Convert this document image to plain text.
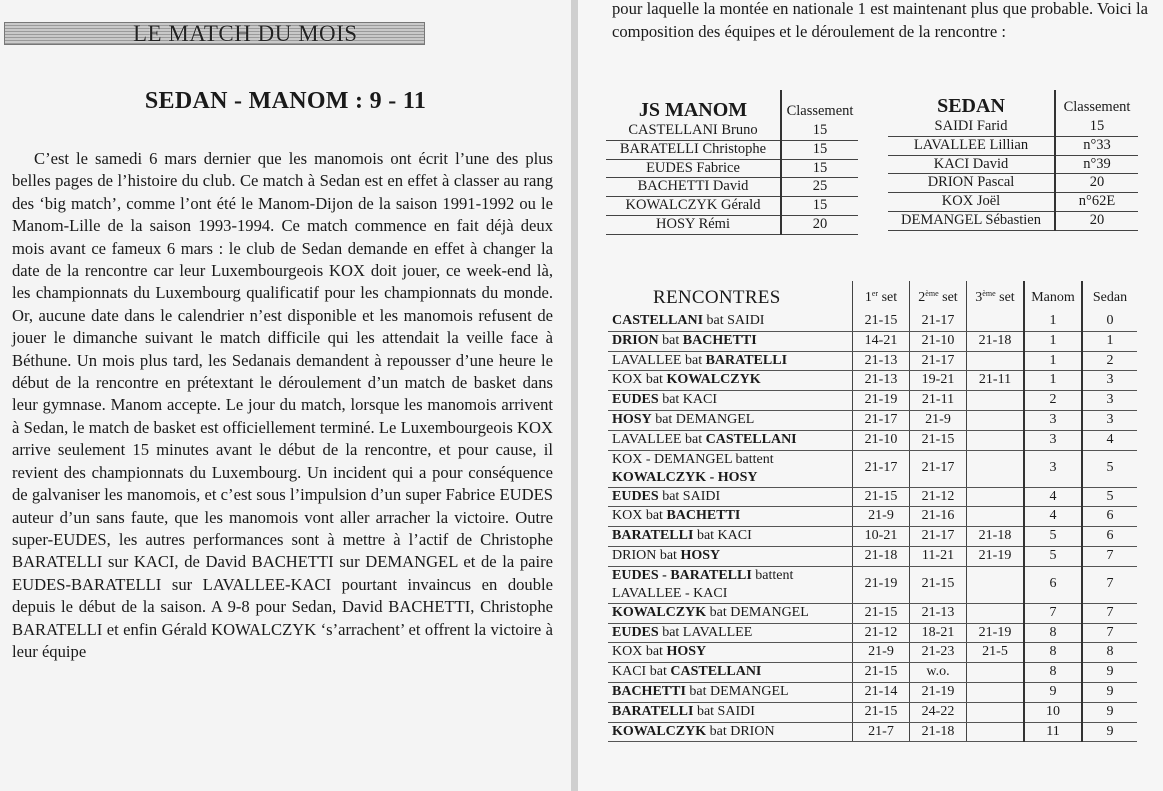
LE MATCH DU MOIS
SEDAN - MANOM : 9 - 11

C’est le samedi 6 mars dernier que les manomois ont écrit l’une des plus belles pages de l’histoire du club. Ce match à Sedan est en effet à classer au rang des ‘big match’, comme l’ont été le Manom-Dijon de la saison 1991-1992 ou le Manom-Lille de la saison 1993-1994. Ce match commence en fait déjà deux mois avant ce fameux 6 mars : le club de Sedan demande en effet à changer la date de la rencontre car leur Luxembourgeois KOX doit jouer, ce week-end là, les championnats du Luxembourg qualificatif pour les championnats du monde. Or, aucune date dans le calendrier n’est disponible et les manomois refusent de jouer le dimanche suivant le match difficile qui les attendait la veille face à Béthune. Un mois plus tard, les Sedanais demandent à repousser d’une heure le début de la rencontre en prétextant le déroulement d’un match de basket dans leur gymnase. Manom accepte. Le jour du match, lorsque les manomois arrivent à Sedan, le match de basket est officiellement terminé. Le Luxembourgeois KOX arrive seulement 15 minutes avant le début de la rencontre, et pour cause, il revient des championnats du Luxembourg. Un incident qui a pour conséquence de galvaniser les manomois, et c’est sous l’impulsion d’un super Fabrice EUDES auteur d’un sans faute, que les manomois vont aller arracher la victoire. Outre super-EUDES, les autres performances sont à mettre à l’actif de Christophe BARATELLI sur KACI, de David BACHETTI sur DEMANGEL et de la paire EUDES-BARATELLI sur LAVALLEE-KACI pourtant invaincus en double depuis le début de la saison. A 9-8 pour Sedan, David BACHETTI, Christophe BARATELLI et enfin Gérald KOWALCZYK ‘s’arrachent’ et offrent la victoire à leur équipe

pour laquelle la montée en nationale 1 est maintenant plus que probable. Voici la composition des équipes et le déroulement de la rencontre :
JS MANOM	Classement
CASTELLANI Bruno	15
BARATELLI Christophe	15
EUDES Fabrice	15
BACHETTI David	25
KOWALCZYK Gérald	15
HOSY Rémi	20
SEDAN	Classement
SAIDI Farid	15
LAVALLEE Lillian	n°33
KACI David	n°39
DRION Pascal	20
KOX Joël	n°62E
DEMANGEL Sébastien	20
RENCONTRES	1er set	2ème set	3ème set	Manom	Sedan
CASTELLANI bat SAIDI	21-15	21-17		1	0
DRION bat BACHETTI	14-21	21-10	21-18	1	1
LAVALLEE bat BARATELLI	21-13	21-17		1	2
KOX bat KOWALCZYK	21-13	19-21	21-11	1	3
EUDES bat KACI	21-19	21-11		2	3
HOSY bat DEMANGEL	21-17	21-9		3	3
LAVALLEE bat CASTELLANI	21-10	21-15		3	4

KOX - DEMANGEL battent
KOWALCZYK - HOSY	21-17	21-17		3	5
EUDES bat SAIDI	21-15	21-12		4	5
KOX bat BACHETTI	21-9	21-16		4	6
BARATELLI bat KACI	10-21	21-17	21-18	5	6
DRION bat HOSY	21-18	11-21	21-19	5	7

EUDES - BARATELLI battent
LAVALLEE - KACI	21-19	21-15		6	7
KOWALCZYK bat DEMANGEL	21-15	21-13		7	7
EUDES bat LAVALLEE	21-12	18-21	21-19	8	7
KOX bat HOSY	21-9	21-23	21-5	8	8
KACI bat CASTELLANI	21-15	w.o.		8	9
BACHETTI bat DEMANGEL	21-14	21-19		9	9
BARATELLI bat SAIDI	21-15	24-22		10	9
KOWALCZYK bat DRION	21-7	21-18		11	9
